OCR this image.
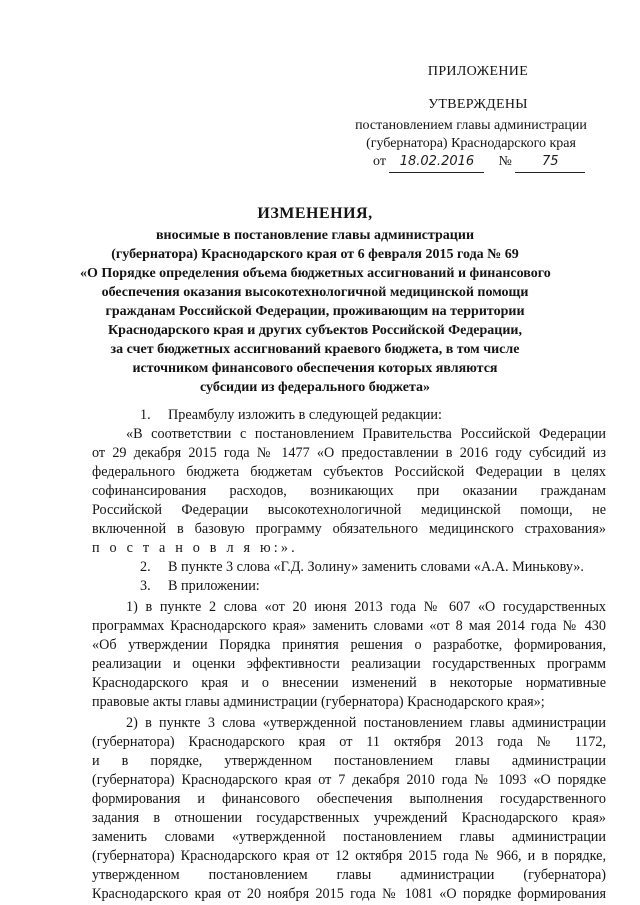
ПРИЛОЖЕНИЕ
УТВЕРЖДЕНЫ
постановлением главы администрации
(губернатора) Краснодарского края
от 18.02.2016 № 75
ИЗМЕНЕНИЯ,
вносимые в постановление главы администрации
(губернатора) Краснодарского края от 6 февраля 2015 года № 69
«О Порядке определения объема бюджетных ассигнований и финансового
обеспечения оказания высокотехнологичной медицинской помощи
гражданам Российской Федерации, проживающим на территории
Краснодарского края и других субъектов Российской Федерации,
за счет бюджетных ассигнований краевого бюджета, в том числе
источником финансового обеспечения которых являются
субсидии из федерального бюджета»
1. Преамбулу изложить в следующей редакции:
«В соответствии с постановлением Правительства Российской Федерации
от 29 декабря 2015 года № 1477 «О предоставлении в 2016 году субсидий из
федерального бюджета бюджетам субъектов Российской Федерации в целях
софинансирования расходов, возникающих при оказании гражданам
Российской Федерации высокотехнологичной медицинской помощи, не
включенной в базовую программу обязательного медицинского страхования»
п о с т а н о в л я ю:».
2. В пункте 3 слова «Г.Д. Золину» заменить словами «А.А. Минькову».
3. В приложении:
1) в пункте 2 слова «от 20 июня 2013 года № 607 «О государственных
программах Краснодарского края» заменить словами «от 8 мая 2014 года № 430
«Об утверждении Порядка принятия решения о разработке, формирования,
реализации и оценки эффективности реализации государственных программ
Краснодарского края и о внесении изменений в некоторые нормативные
правовые акты главы администрации (губернатора) Краснодарского края»;
2) в пункте 3 слова «утвержденной постановлением главы администрации
(губернатора) Краснодарского края от 11 октября 2013 года № 1172,
и в порядке, утвержденном постановлением главы администрации
(губернатора) Краснодарского края от 7 декабря 2010 года № 1093 «О порядке
формирования и финансового обеспечения выполнения государственного
задания в отношении государственных учреждений Краснодарского края»
заменить словами «утвержденной постановлением главы администрации
(губернатора) Краснодарского края от 12 октября 2015 года № 966, и в порядке,
утвержденном постановлением главы администрации (губернатора)
Краснодарского края от 20 ноября 2015 года № 1081 «О порядке формирования
